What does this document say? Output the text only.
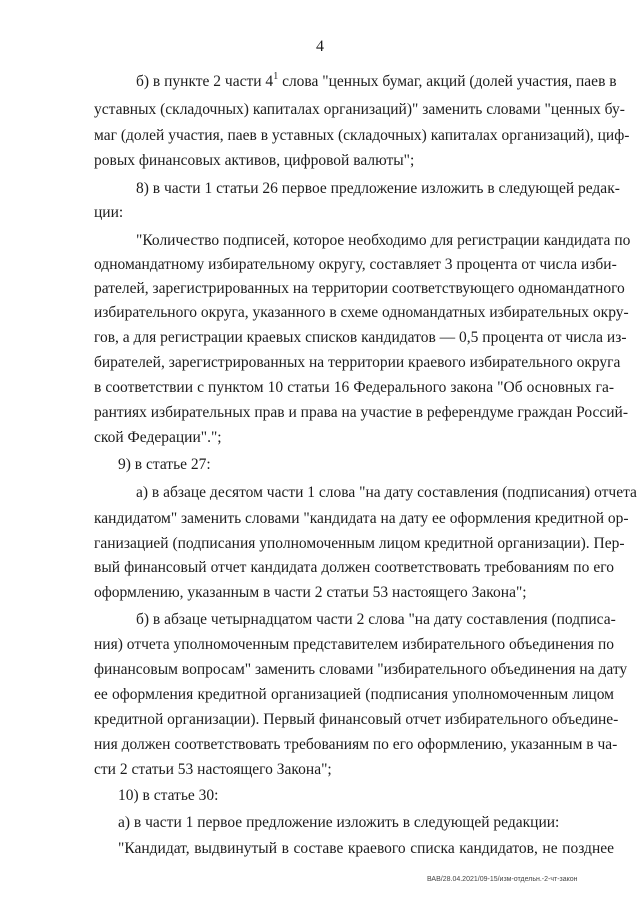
4
б) в пункте 2 части $4^1$ слова "ценных бумаг, акций (долей участия, паев в
уставных (складочных) капиталах организаций)" заменить словами "ценных бу-
маг (долей участия, паев в уставных (складочных) капиталах организаций), циф-
ровых финансовых активов, цифровой валюты";
8) в части 1 статьи 26 первое предложение изложить в следующей редак-
ции:
"Количество подписей, которое необходимо для регистрации кандидата по
одномандатному избирательному округу, составляет 3 процента от числа изби-
рателей, зарегистрированных на территории соответствующего одномандатного
избирательного округа, указанного в схеме одномандатных избирательных окру-
гов, а для регистрации краевых списков кандидатов — 0,5 процента от числа из-
бирателей, зарегистрированных на территории краевого избирательного округа
в соответствии с пунктом 10 статьи 16 Федерального закона "Об основных га-
рантиях избирательных прав и права на участие в референдуме граждан Россий-
ской Федерации".";
9) в статье 27:
а) в абзаце десятом части 1 слова "на дату составления (подписания) отчета
кандидатом" заменить словами "кандидата на дату ее оформления кредитной ор-
ганизацией (подписания уполномоченным лицом кредитной организации). Пер-
вый финансовый отчет кандидата должен соответствовать требованиям по его
оформлению, указанным в части 2 статьи 53 настоящего Закона";
б) в абзаце четырнадцатом части 2 слова "на дату составления (подписа-
ния) отчета уполномоченным представителем избирательного объединения по
финансовым вопросам" заменить словами "избирательного объединения на дату
ее оформления кредитной организацией (подписания уполномоченным лицом
кредитной организации). Первый финансовый отчет избирательного объедине-
ния должен соответствовать требованиям по его оформлению, указанным в ча-
сти 2 статьи 53 настоящего Закона";
10) в статье 30:
а) в части 1 первое предложение изложить в следующей редакции:
"Кандидат, выдвинутый в составе краевого списка кандидатов, не позднее
ВАВ/28.04.2021/09-15/изм-отдельн.-2-чт-закон
